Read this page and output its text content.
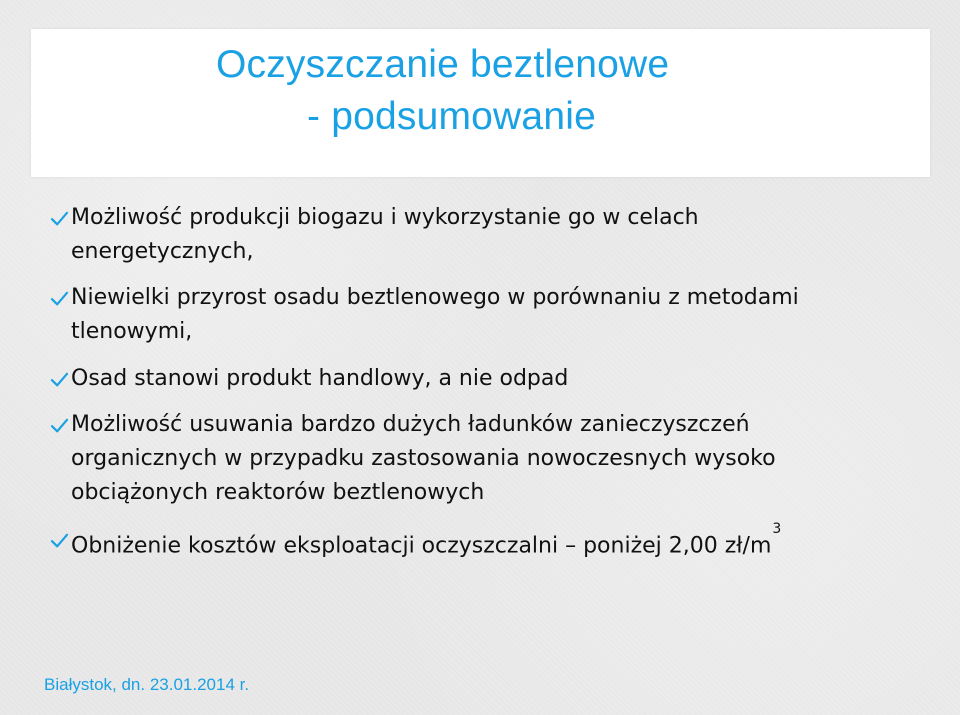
Oczyszczanie beztlenowe
- podsumowanie
Możliwość produkcji biogazu i wykorzystanie go w celach
energetycznych,
Niewielki przyrost osadu beztlenowego w porównaniu z metodami
tlenowymi,
Osad stanowi produkt handlowy, a nie odpad
Możliwość usuwania bardzo dużych ładunków zanieczyszczeń
organicznych w przypadku zastosowania nowoczesnych wysoko
obciążonych reaktorów beztlenowych
Obniżenie kosztów eksploatacji oczyszczalni – poniżej 2,00 $zł/m^3$
Białystok, dn. 23.01.2014 r.
